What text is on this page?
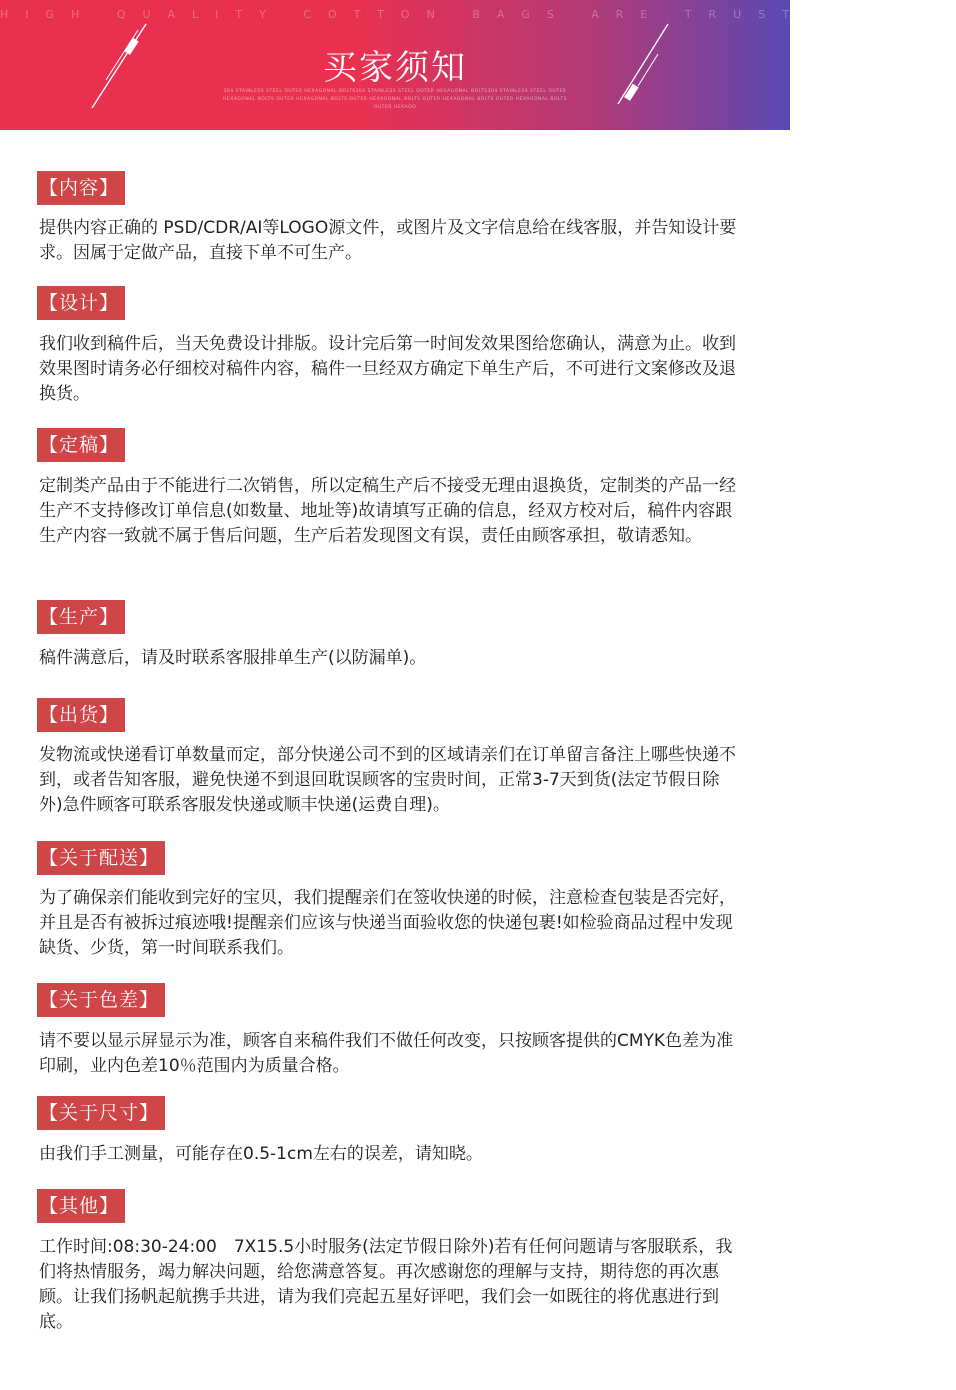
HIGH QUALITY COTTON BAGS ARE TRUSTWORTHY
买家须知
304 STAINLESS STEEL OUTER HEXAGONAL BOLTS304 STAINLESS STEEL OUTER HEXAGONAL BOLTS304 STAINLESS STEEL OUTER HEXAGONAL BOLTS OUTER HEXAGONAL BOLTS OUTER HEXAGONAL BOLTS OUTER HEXAGONAL BOLTS OUTER HEXAGONAL BOLTS OUTER HEXAGO
【内容】
提供内容正确的 PSD/CDR/AI等LOGO源文件，或图片及文字信息给在线客服，并告知设计要求。因属于定做产品，直接下单不可生产。
【设计】
我们收到稿件后，当天免费设计排版。设计完后第一时间发效果图给您确认，满意为止。收到效果图时请务必仔细校对稿件内容，稿件一旦经双方确定下单生产后，不可进行文案修改及退换货。
【定稿】
定制类产品由于不能进行二次销售，所以定稿生产后不接受无理由退换货，定制类的产品一经生产不支持修改订单信息(如数量、地址等)故请填写正确的信息，经双方校对后，稿件内容跟生产内容一致就不属于售后问题，生产后若发现图文有误，责任由顾客承担，敬请悉知。
【生产】
稿件满意后，请及时联系客服排单生产(以防漏单)。
【出货】
发物流或快递看订单数量而定，部分快递公司不到的区域请亲们在订单留言备注上哪些快递不到，或者告知客服，避免快递不到退回耽误顾客的宝贵时间，正常3-7天到货(法定节假日除外)急件顾客可联系客服发快递或顺丰快递(运费自理)。
【关于配送】
为了确保亲们能收到完好的宝贝，我们提醒亲们在签收快递的时候，注意检查包装是否完好，并且是否有被拆过痕迹哦!提醒亲们应该与快递当面验收您的快递包裹!如检验商品过程中发现缺货、少货，第一时间联系我们。
【关于色差】
请不要以显示屏显示为准，顾客自来稿件我们不做任何改变，只按顾客提供的CMYK色差为准印刷，业内色差10％范围内为质量合格。
【关于尺寸】
由我们手工测量，可能存在0.5-1cm左右的误差，请知晓。
【其他】
工作时间:08:30-24:00　7X15.5小时服务(法定节假日除外)若有任何问题请与客服联系，我们将热情服务，竭力解决问题，给您满意答复。再次感谢您的理解与支持，期待您的再次惠顾。让我们扬帆起航携手共进，请为我们亮起五星好评吧，我们会一如既往的将优惠进行到底。
